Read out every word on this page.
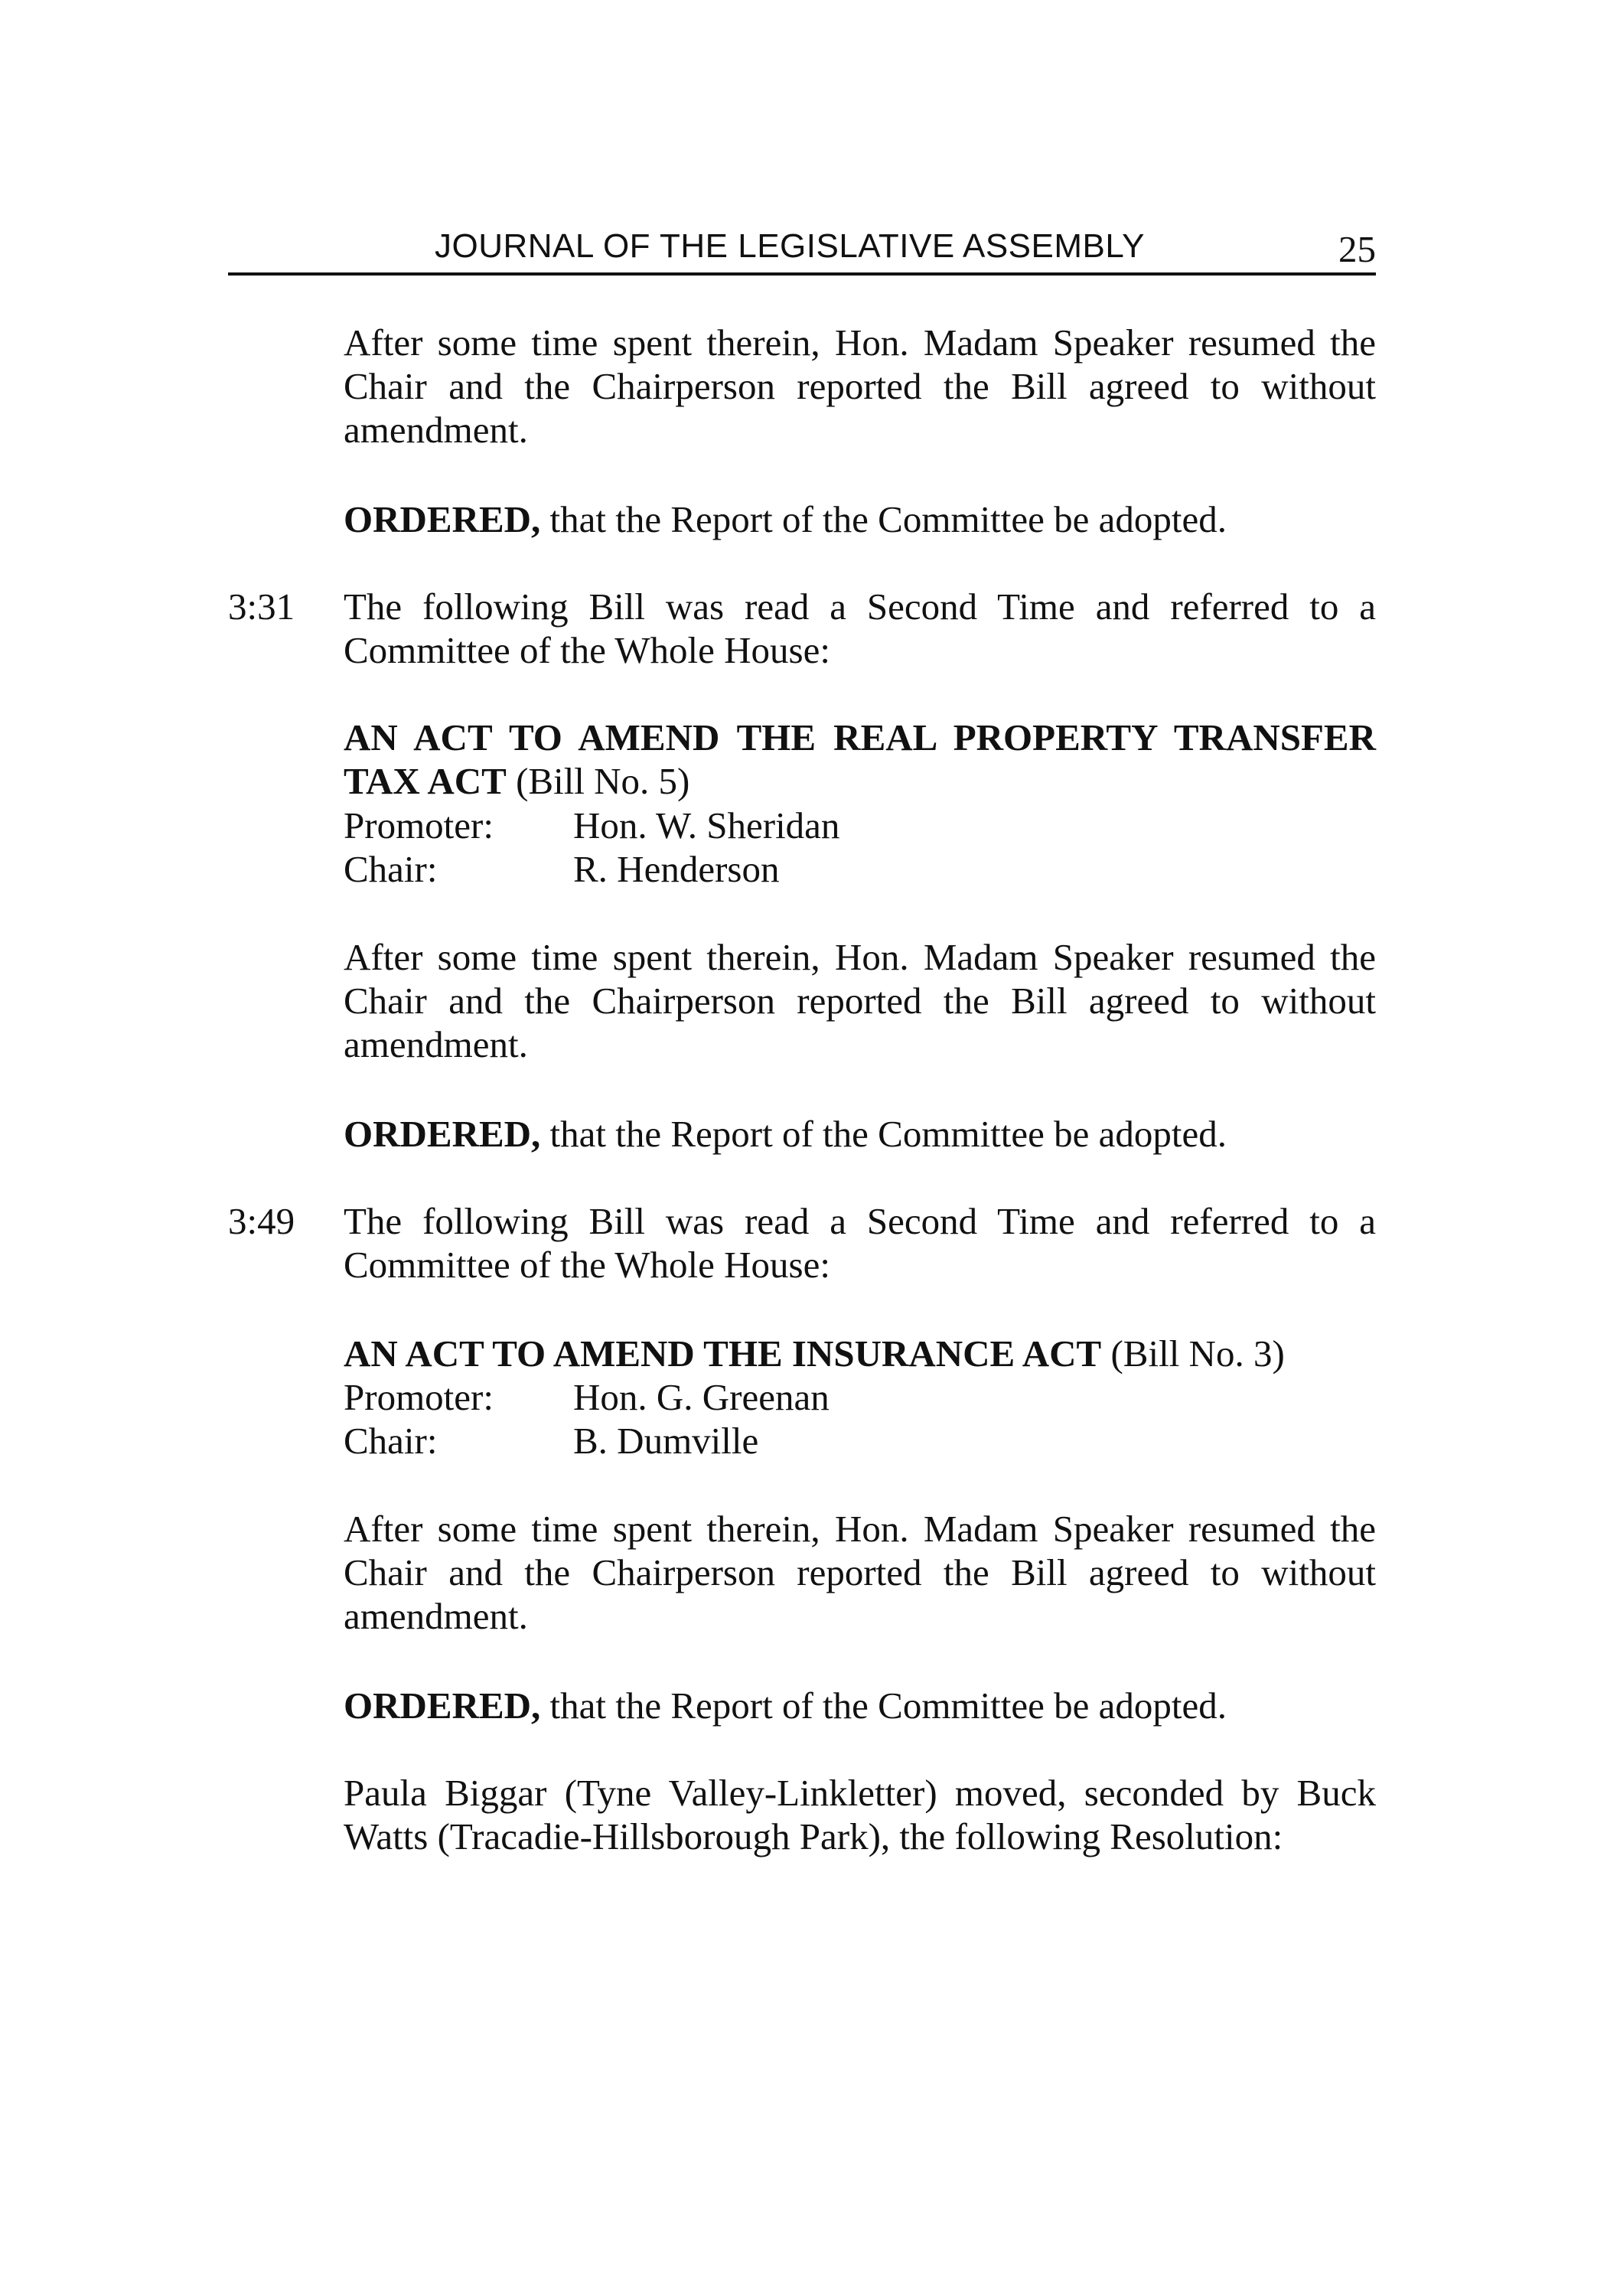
JOURNAL OF THE LEGISLATIVE ASSEMBLY	25

After some time spent therein, Hon. Madam Speaker resumed the Chair and the Chairperson reported the Bill agreed to without amendment.

ORDERED, that the Report of the Committee be adopted.

3:31 The following Bill was read a Second Time and referred to a Committee of the Whole House:

AN ACT TO AMEND THE REAL PROPERTY TRANSFER TAX ACT (Bill No. 5)

Promoter: Hon. W. Sheridan
Chair:	R. Henderson

After some time spent therein, Hon. Madam Speaker resumed the Chair and the Chairperson reported the Bill agreed to without amendment.

ORDERED, that the Report of the Committee be adopted.

3:49 The following Bill was read a Second Time and referred to a Committee of the Whole House:

AN ACT TO AMEND THE INSURANCE ACT (Bill No. 3)

Promoter: Hon. G. Greenan
Chair:	B. Dumville

After some time spent therein, Hon. Madam Speaker resumed the Chair and the Chairperson reported the Bill agreed to without amendment.

ORDERED, that the Report of the Committee be adopted.

Paula Biggar (Tyne Valley-Linkletter) moved, seconded by Buck Watts (Tracadie-Hillsborough Park), the following Resolution:
